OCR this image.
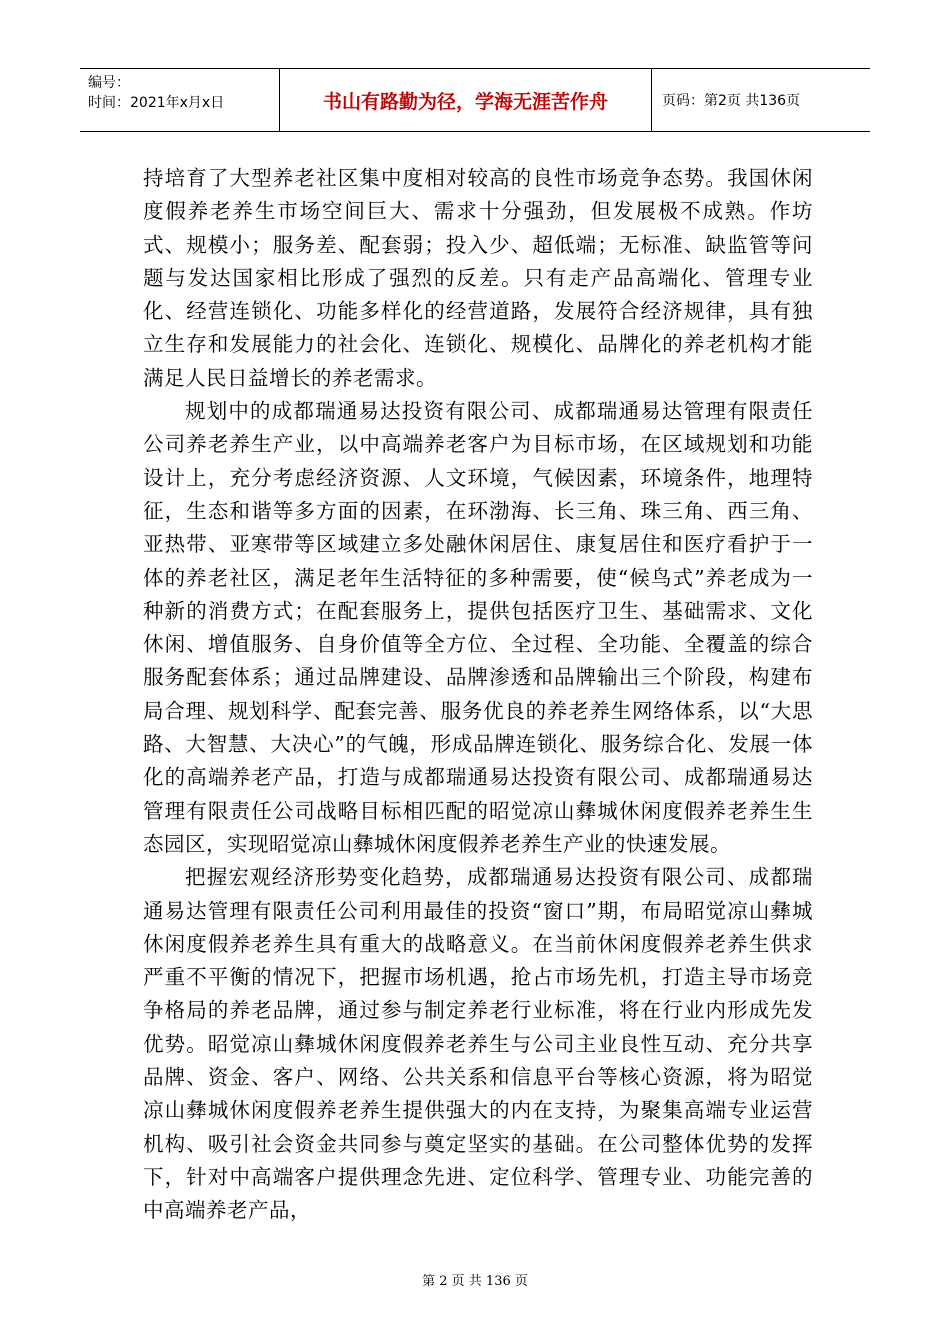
编号：
时间：2021年x月x日	书山有路勤为径，学海无涯苦作舟	页码：第2页 共136页

持培育了大型养老社区集中度相对较高的良性市场竞争态势。我国休闲度假养老养生市场空间巨大、需求十分强劲，但发展极不成熟。作坊式、规模小；服务差、配套弱；投入少、超低端；无标准、缺监管等问题与发达国家相比形成了强烈的反差。只有走产品高端化、管理专业化、经营连锁化、功能多样化的经营道路，发展符合经济规律，具有独立生存和发展能力的社会化、连锁化、规模化、品牌化的养老机构才能满足人民日益增长的养老需求。

规划中的成都瑞通易达投资有限公司、成都瑞通易达管理有限责任公司养老养生产业，以中高端养老客户为目标市场，在区域规划和功能设计上，充分考虑经济资源、人文环境，气候因素，环境条件，地理特征，生态和谐等多方面的因素，在环渤海、长三角、珠三角、西三角、亚热带、亚寒带等区域建立多处融休闲居住、康复居住和医疗看护于一体的养老社区，满足老年生活特征的多种需要，使“候鸟式”养老成为一种新的消费方式；在配套服务上，提供包括医疗卫生、基础需求、文化休闲、增值服务、自身价值等全方位、全过程、全功能、全覆盖的综合服务配套体系；通过品牌建设、品牌渗透和品牌输出三个阶段，构建布局合理、规划科学、配套完善、服务优良的养老养生网络体系，以“大思路、大智慧、大决心”的气魄，形成品牌连锁化、服务综合化、发展一体化的高端养老产品，打造与成都瑞通易达投资有限公司、成都瑞通易达管理有限责任公司战略目标相匹配的昭觉凉山彝城休闲度假养老养生生态园区，实现昭觉凉山彝城休闲度假养老养生产业的快速发展。

把握宏观经济形势变化趋势，成都瑞通易达投资有限公司、成都瑞通易达管理有限责任公司利用最佳的投资“窗口”期，布局昭觉凉山彝城休闲度假养老养生具有重大的战略意义。在当前休闲度假养老养生供求严重不平衡的情况下，把握市场机遇，抢占市场先机，打造主导市场竞争格局的养老品牌，通过参与制定养老行业标准，将在行业内形成先发优势。昭觉凉山彝城休闲度假养老养生与公司主业良性互动、充分共享品牌、资金、客户、网络、公共关系和信息平台等核心资源，将为昭觉凉山彝城休闲度假养老养生提供强大的内在支持，为聚集高端专业运营机构、吸引社会资金共同参与奠定坚实的基础。在公司整体优势的发挥下，针对中高端客户提供理念先进、定位科学、管理专业、功能完善的中高端养老产品，

第 2 页 共 136 页
